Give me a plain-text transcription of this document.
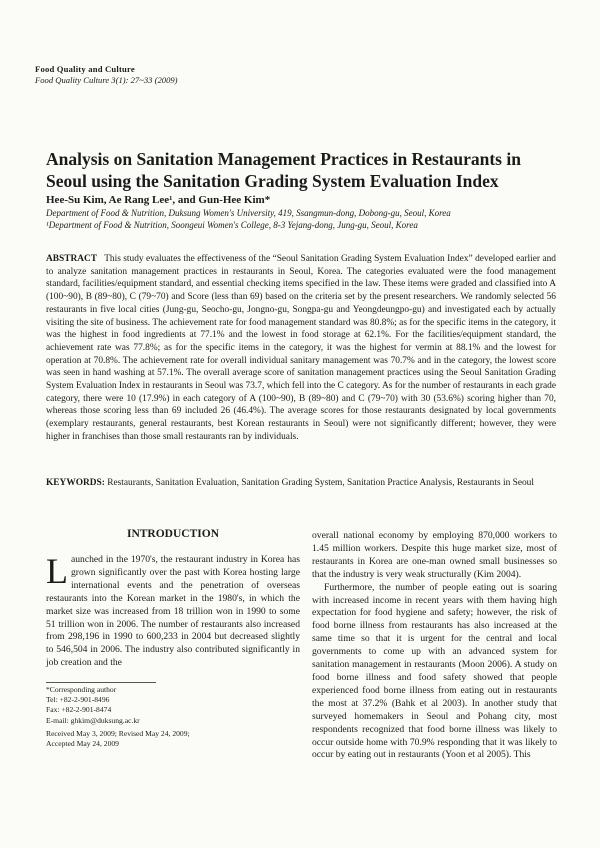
Food Quality and Culture
Food Quality Culture 3(1): 27~33 (2009)
Analysis on Sanitation Management Practices in Restaurants in Seoul using the Sanitation Grading System Evaluation Index
Hee-Su Kim, Ae Rang Lee¹, and Gun-Hee Kim*
Department of Food & Nutrition, Duksung Women's University, 419, Ssangmun-dong, Dobong-gu, Seoul, Korea
¹Department of Food & Nutrition, Soongeui Women's College, 8-3 Yejang-dong, Jung-gu, Seoul, Korea
ABSTRACT This study evaluates the effectiveness of the “Seoul Sanitation Grading System Evaluation Index” developed earlier and to analyze sanitation management practices in restaurants in Seoul, Korea. The categories evaluated were the food management standard, facilities/equipment standard, and essential checking items specified in the law. These items were graded and classified into A (100~90), B (89~80), C (79~70) and Score (less than 69) based on the criteria set by the present researchers. We randomly selected 56 restaurants in five local cities (Jung-gu, Seocho-gu, Jongno-gu, Songpa-gu and Yeongdeungpo-gu) and investigated each by actually visiting the site of business. The achievement rate for food management standard was 80.8%; as for the specific items in the category, it was the highest in food ingredients at 77.1% and the lowest in food storage at 62.1%. For the facilities/equipment standard, the achievement rate was 77.8%; as for the specific items in the category, it was the highest for vermin at 88.1% and the lowest for operation at 70.8%. The achievement rate for overall individual sanitary management was 70.7% and in the category, the lowest score was seen in hand washing at 57.1%. The overall average score of sanitation management practices using the Seoul Sanitation Grading System Evaluation Index in restaurants in Seoul was 73.7, which fell into the C category. As for the number of restaurants in each grade category, there were 10 (17.9%) in each category of A (100~90), B (89~80) and C (79~70) with 30 (53.6%) scoring higher than 70, whereas those scoring less than 69 included 26 (46.4%). The average scores for those restaurants designated by local governments (exemplary restaurants, general restaurants, best Korean restaurants in Seoul) were not significantly different; however, they were higher in franchises than those small restaurants ran by individuals.
KEYWORDS: Restaurants, Sanitation Evaluation, Sanitation Grading System, Sanitation Practice Analysis, Restaurants in Seoul
INTRODUCTION

Launched in the 1970's, the restaurant industry in Korea has grown significantly over the past with Korea hosting large international events and the penetration of overseas restaurants into the Korean market in the 1980's, in which the market size was increased from 18 trillion won in 1990 to some 51 trillion won in 2006. The number of restaurants also increased from 298,196 in 1990 to 600,233 in 2004 but decreased slightly to 546,504 in 2006. The industry also contributed significantly in job creation and the

overall national economy by employing 870,000 workers to 1.45 million workers. Despite this huge market size, most of restaurants in Korea are one-man owned small businesses so that the industry is very weak structurally (Kim 2004).

Furthermore, the number of people eating out is soaring with increased income in recent years with them having high expectation for food hygiene and safety; however, the risk of food borne illness from restaurants has also increased at the same time so that it is urgent for the central and local governments to come up with an advanced system for sanitation management in restaurants (Moon 2006). A study on food borne illness and food safety showed that people experienced food borne illness from eating out in restaurants the most at 37.2% (Bahk et al 2003). In another study that surveyed homemakers in Seoul and Pohang city, most respondents recognized that food borne illness was likely to occur outside home with 70.9% responding that it was likely to occur by eating out in restaurants (Yoon et al 2005). This

*Corresponding author
Tel: +82-2-901-8496
Fax: +82-2-901-8474
E-mail: ghkim@duksung.ac.kr
Received May 3, 2009; Revised May 24, 2009;
Accepted May 24, 2009
